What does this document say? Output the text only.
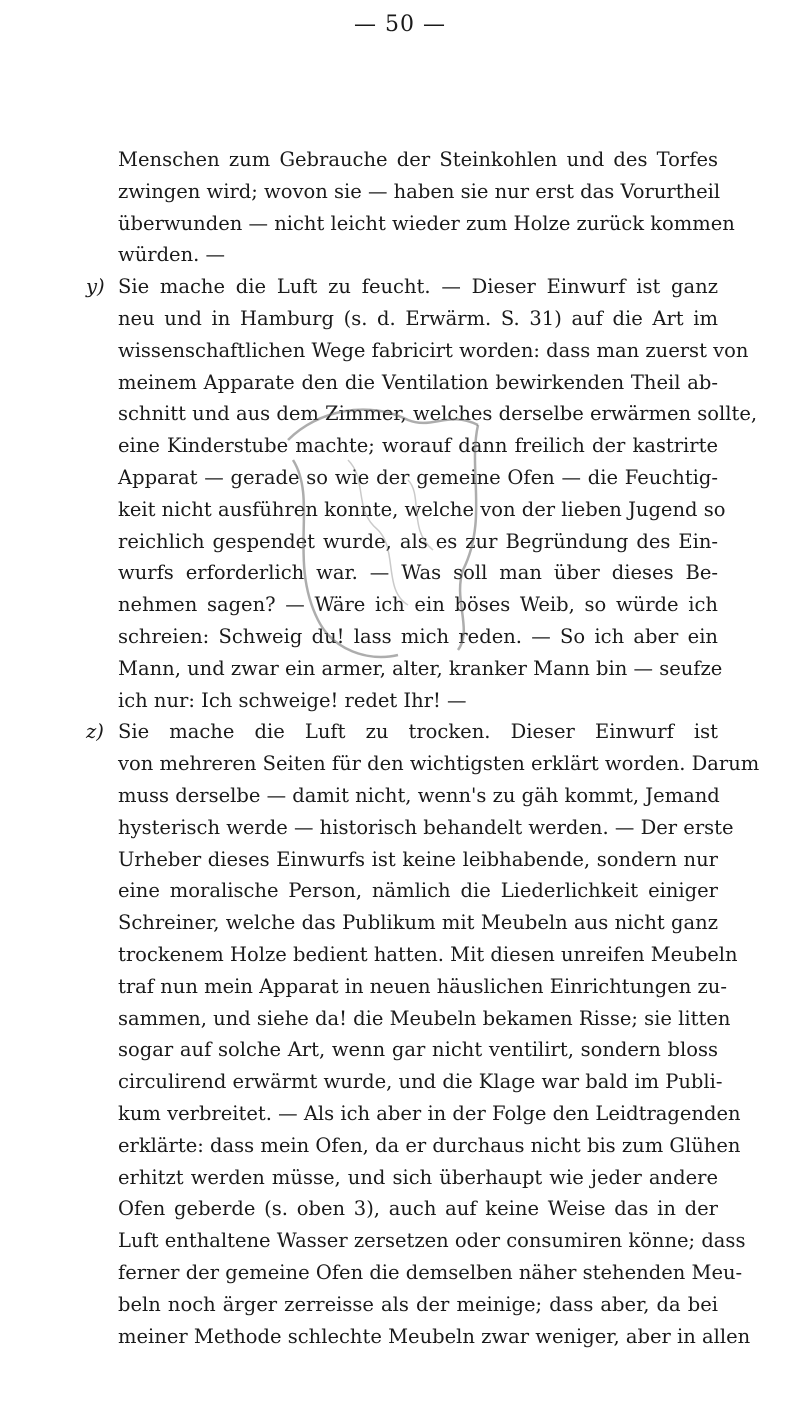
— 50 —
Menschen zum Gebrauche der Steinkohlen und des Torfes
zwingen wird; wovon sie — haben sie nur erst das Vorurtheil
überwunden — nicht leicht wieder zum Holze zurück kommen
würden. —
y) Sie mache die Luft zu feucht. — Dieser Einwurf ist ganz
neu und in Hamburg (s. d. Erwärm. S. 31) auf die Art im
wissenschaftlichen Wege fabricirt worden: dass man zuerst von
meinem Apparate den die Ventilation bewirkenden Theil ab-
schnitt und aus dem Zimmer, welches derselbe erwärmen sollte,
eine Kinderstube machte; worauf dann freilich der kastrirte
Apparat — gerade so wie der gemeine Ofen — die Feuchtig-
keit nicht ausführen konnte, welche von der lieben Jugend so
reichlich gespendet wurde, als es zur Begründung des Ein-
wurfs erforderlich war. — Was soll man über dieses Be-
nehmen sagen? — Wäre ich ein böses Weib, so würde ich
schreien: Schweig du! lass mich reden. — So ich aber ein
Mann, und zwar ein armer, alter, kranker Mann bin — seufze
ich nur: Ich schweige! redet Ihr! —
z) Sie mache die Luft zu trocken. Dieser Einwurf ist
von mehreren Seiten für den wichtigsten erklärt worden. Darum
muss derselbe — damit nicht, wenn's zu gäh kommt, Jemand
hysterisch werde — historisch behandelt werden. — Der erste
Urheber dieses Einwurfs ist keine leibhabende, sondern nur
eine moralische Person, nämlich die Liederlichkeit einiger
Schreiner, welche das Publikum mit Meubeln aus nicht ganz
trockenem Holze bedient hatten. Mit diesen unreifen Meubeln
traf nun mein Apparat in neuen häuslichen Einrichtungen zu-
sammen, und siehe da! die Meubeln bekamen Risse; sie litten
sogar auf solche Art, wenn gar nicht ventilirt, sondern bloss
circulirend erwärmt wurde, und die Klage war bald im Publi-
kum verbreitet. — Als ich aber in der Folge den Leidtragenden
erklärte: dass mein Ofen, da er durchaus nicht bis zum Glühen
erhitzt werden müsse, und sich überhaupt wie jeder andere
Ofen geberde (s. oben 3), auch auf keine Weise das in der
Luft enthaltene Wasser zersetzen oder consumiren könne; dass
ferner der gemeine Ofen die demselben näher stehenden Meu-
beln noch ärger zerreisse als der meinige; dass aber, da bei
meiner Methode schlechte Meubeln zwar weniger, aber in allen
